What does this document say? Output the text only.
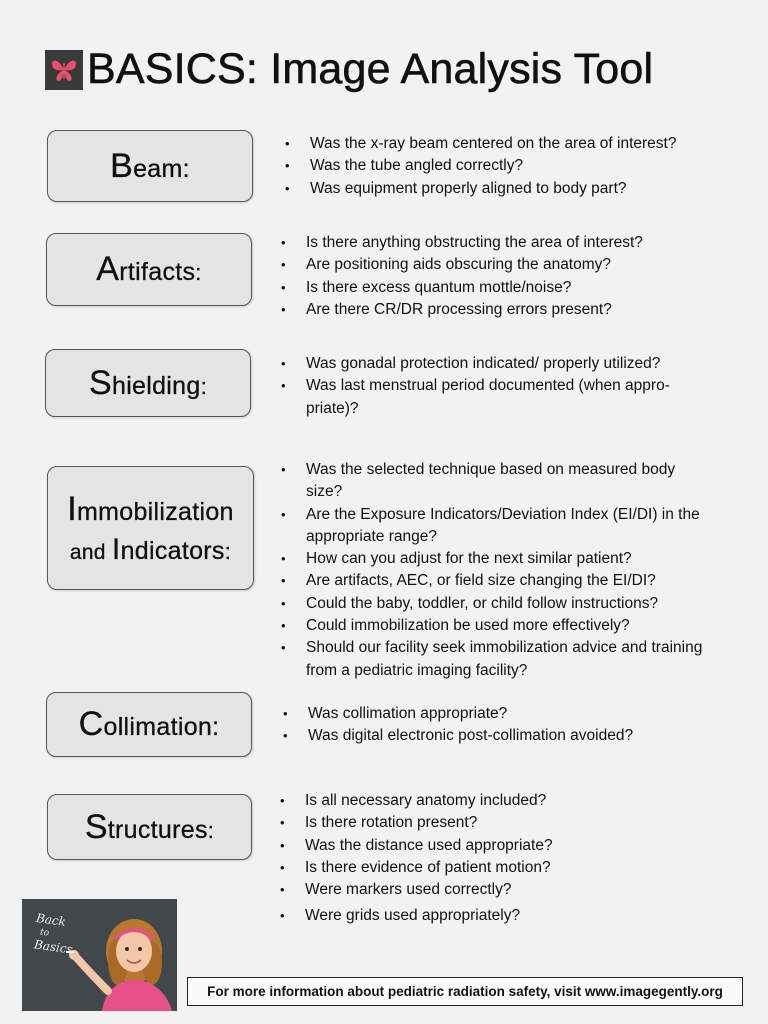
BASICS: Image Analysis Tool
Beam:
• Was the x-ray beam centered on the area of interest?
• Was the tube angled correctly?
• Was equipment properly aligned to body part?
Artifacts:
• Is there anything obstructing the area of interest?
• Are positioning aids obscuring the anatomy?
• Is there excess quantum mottle/noise?
• Are there CR/DR processing errors present?
Shielding:
• Was gonadal protection indicated/ properly utilized?
• Was last menstrual period documented (when appro- priate)?
Immobilization
and Indicators:
• Was the selected technique based on measured body size?
• Are the Exposure Indicators/Deviation Index (EI/DI) in the appropriate range?
• How can you adjust for the next similar patient?
• Are artifacts, AEC, or field size changing the EI/DI?
• Could the baby, toddler, or child follow instructions?
• Could immobilization be used more effectively?
• Should our facility seek immobilization advice and training from a pediatric imaging facility?
Collimation:
•	Was collimation appropriate?
• Was digital electronic post-collimation avoided?
Structures:
• Is all necessary anatomy included?
• Is there rotation present?
• Was the distance used appropriate?
• Is there evidence of patient motion?
• Were markers used correctly?
• Were grids used appropriately?
Back
to
Basics
For more information about pediatric radiation safety, visit www.imagegently.org
